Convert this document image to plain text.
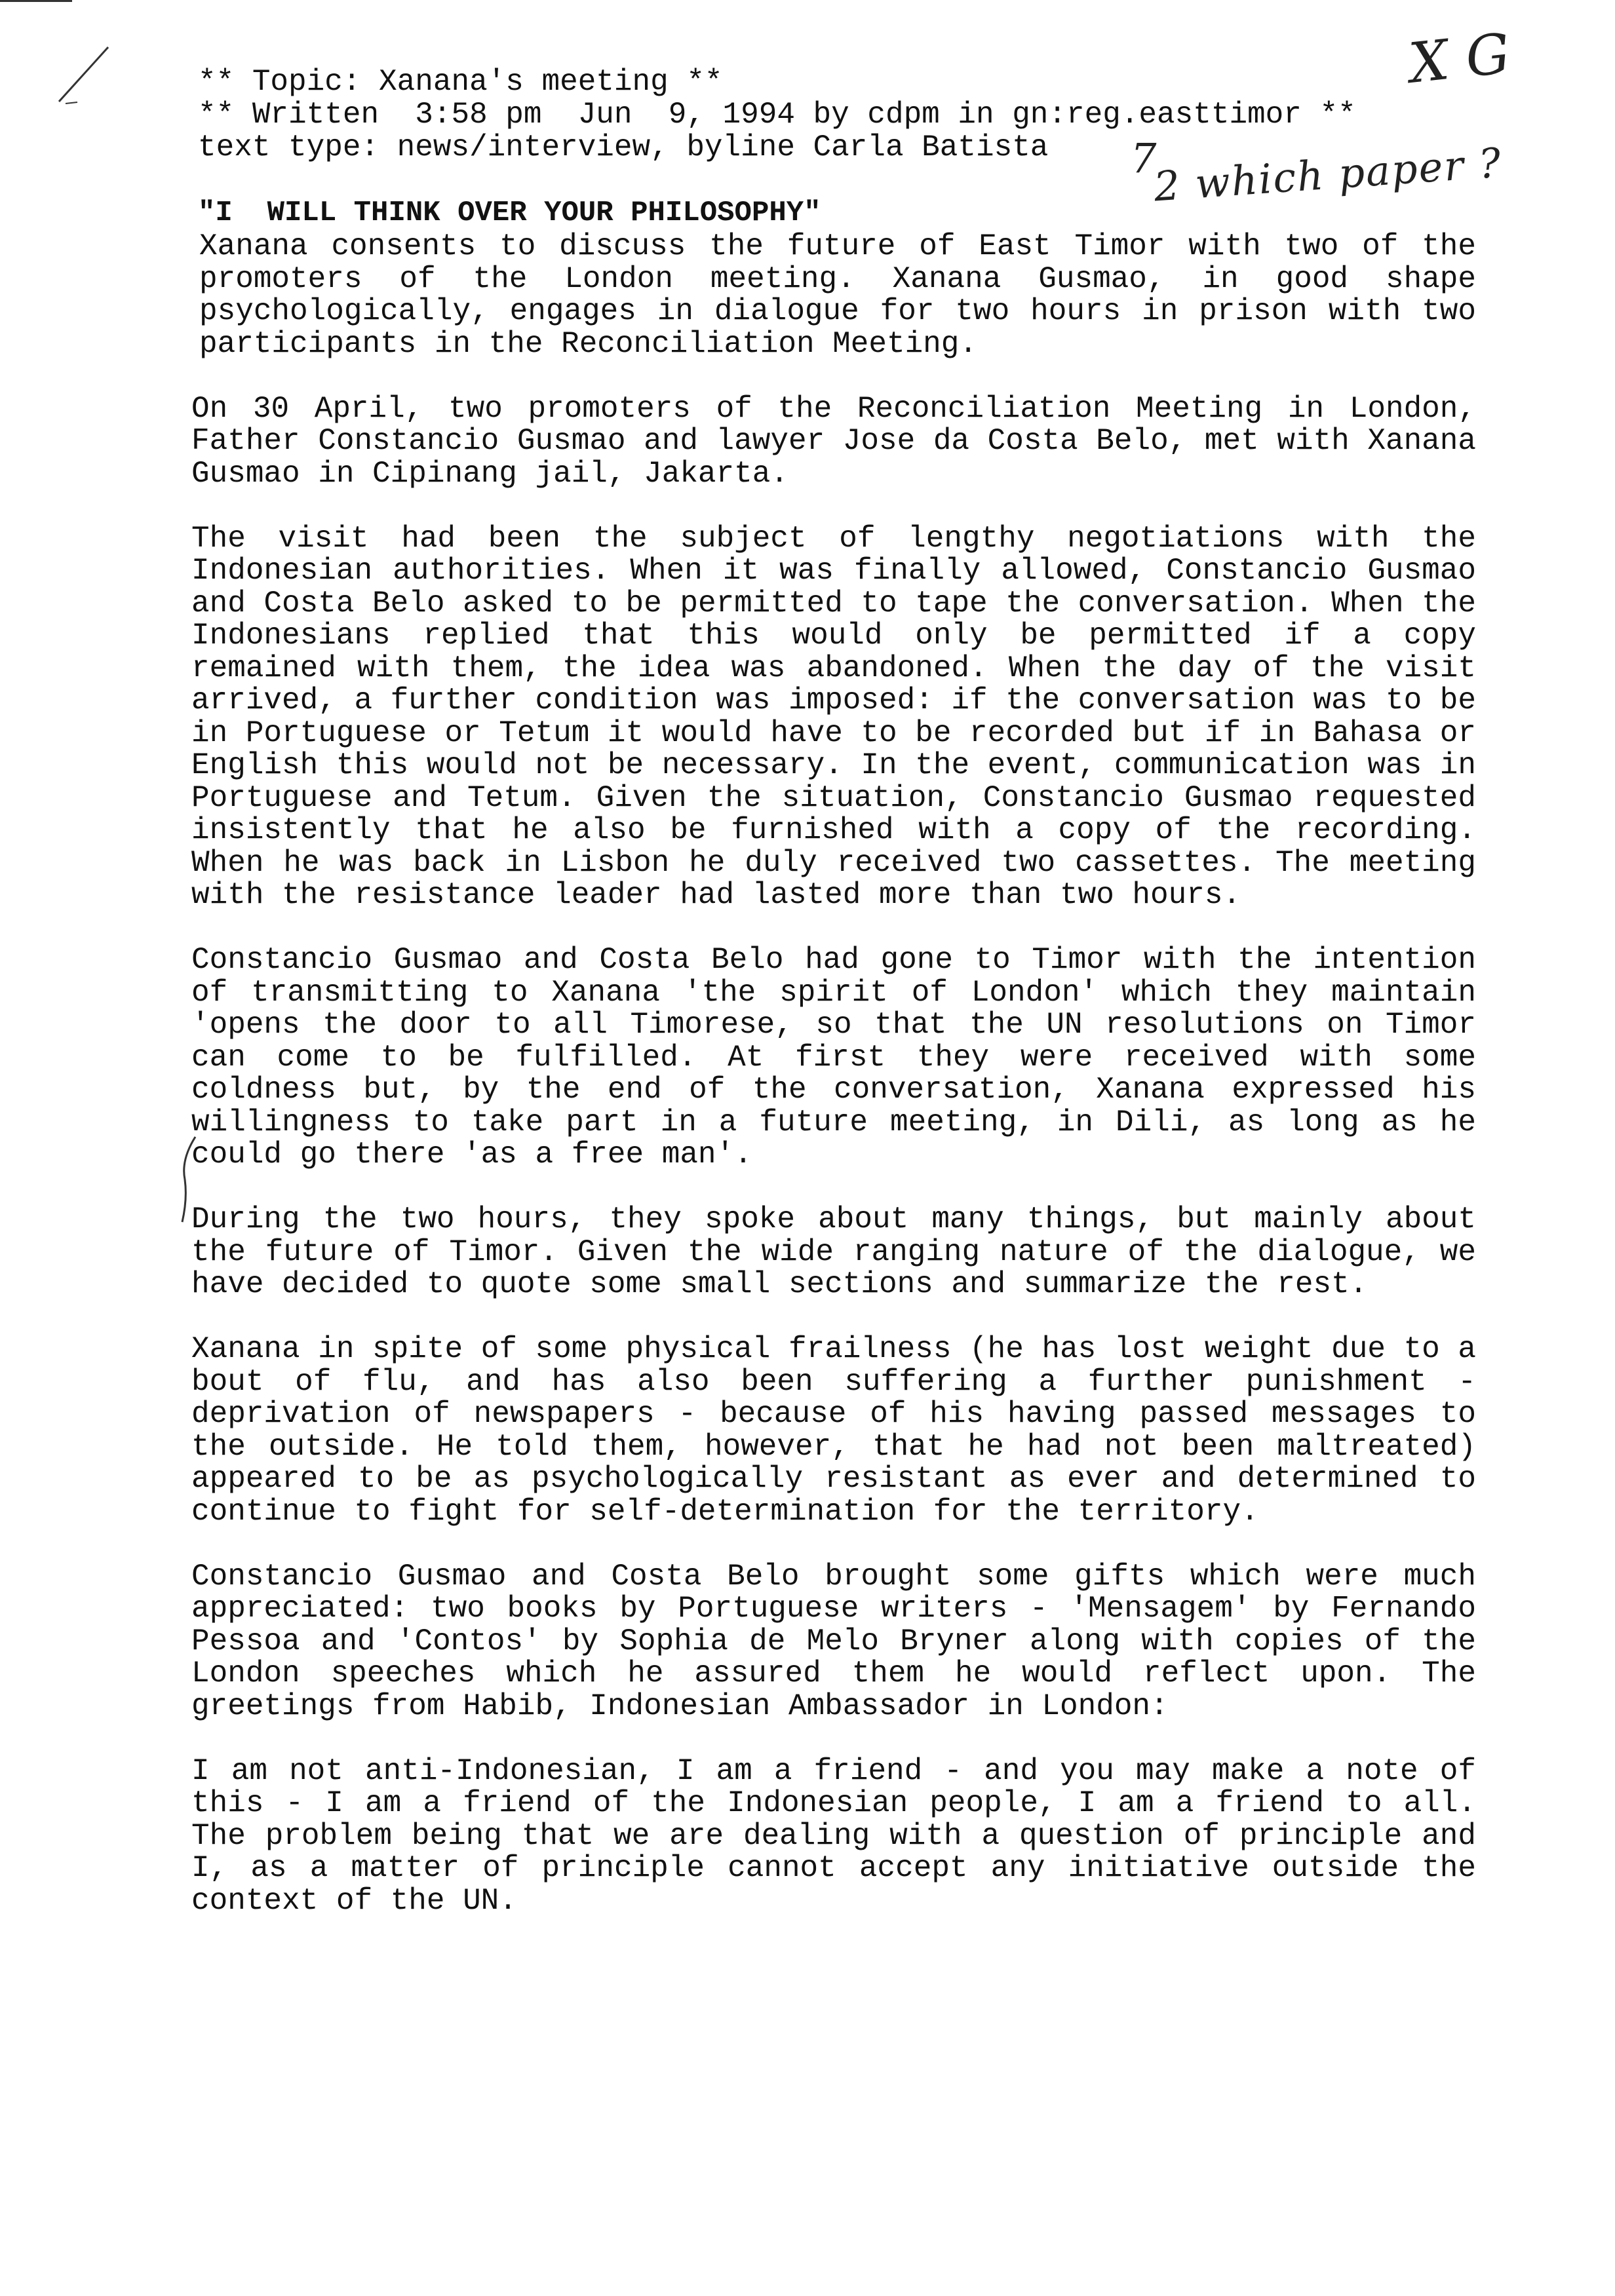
X G
7
2 which paper ?
** Topic: Xanana's meeting **
** Written  3:58 pm  Jun  9, 1994 by cdpm in gn:reg.easttimor **
text type: news/interview, byline Carla Batista
"I  WILL THINK OVER YOUR PHILOSOPHY"

Xanana consents to discuss the future of East Timor with two of the promoters of the London meeting. Xanana Gusmao, in good shape psychologically, engages in dialogue for two hours in prison with two participants in the Reconciliation Meeting.

On 30 April, two promoters of the Reconciliation Meeting in London, Father Constancio Gusmao and lawyer Jose da Costa Belo, met with Xanana Gusmao in Cipinang jail, Jakarta.

The visit had been the subject of lengthy negotiations with the Indonesian authorities. When it was finally allowed, Constancio Gusmao and Costa Belo asked to be permitted to tape the conversation. When the Indonesians replied that this would only be permitted if a copy remained with them, the idea was abandoned. When the day of the visit arrived, a further condition was imposed: if the conversation was to be in Portuguese or Tetum it would have to be recorded but if in Bahasa or English this would not be necessary. In the event, communication was in Portuguese and Tetum. Given the situation, Constancio Gusmao requested insistently that he also be furnished with a copy of the recording. When he was back in Lisbon he duly received two cassettes. The meeting with the resistance leader had lasted more than two hours.

Constancio Gusmao and Costa Belo had gone to Timor with the intention of transmitting to Xanana 'the spirit of London' which they maintain 'opens the door to all Timorese, so that the UN resolutions on Timor can come to be fulfilled. At first they were received with some coldness but, by the end of the conversation, Xanana expressed his willingness to take part in a future meeting, in Dili, as long as he could go there 'as a free man'.

During the two hours, they spoke about many things, but mainly about the future of Timor. Given the wide ranging nature of the dialogue, we have decided to quote some small sections and summarize the rest.

Xanana in spite of some physical frailness (he has lost weight due to a bout of flu, and has also been suffering a further punishment - deprivation of newspapers - because of his having passed messages to the outside. He told them, however, that he had not been maltreated) appeared to be as psychologically resistant as ever and determined to continue to fight for self-determination for the territory.

Constancio Gusmao and Costa Belo brought some gifts which were much appreciated: two books by Portuguese writers - 'Mensagem' by Fernando Pessoa and 'Contos' by Sophia de Melo Bryner along with copies of the London speeches which he assured them he would reflect upon. The greetings from Habib, Indonesian Ambassador in London:

I am not anti-Indonesian, I am a friend - and you may make a note of this - I am a friend of the Indonesian people, I am a friend to all. The problem being that we are dealing with a question of principle and I, as a matter of principle cannot accept any initiative outside the context of the UN.
